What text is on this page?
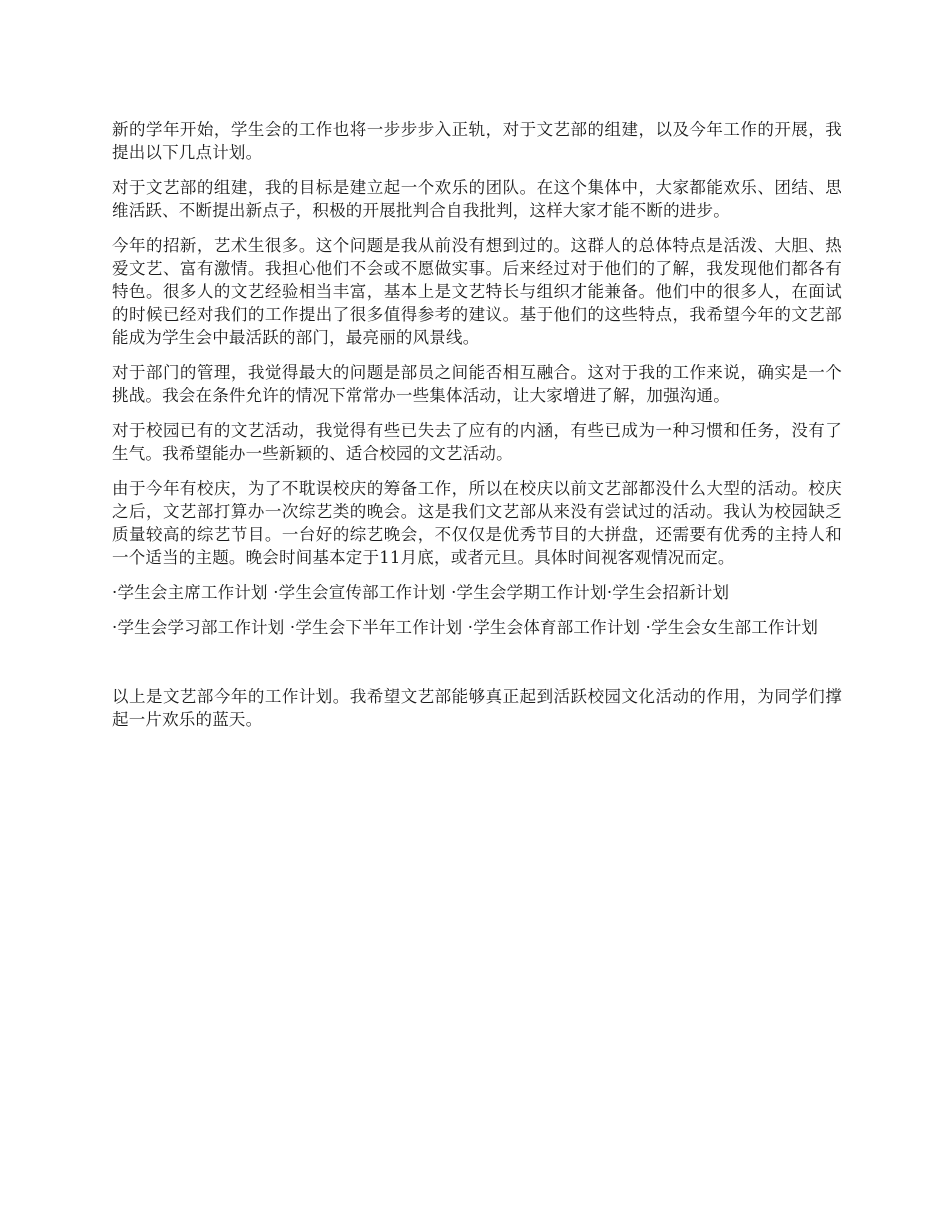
新的学年开始，学生会的工作也将一步步步入正轨，对于文艺部的组建，以及今年工作的开展，我提出以下几点计划。

对于文艺部的组建，我的目标是建立起一个欢乐的团队。在这个集体中，大家都能欢乐、团结、思维活跃、不断提出新点子，积极的开展批判合自我批判，这样大家才能不断的进步。

今年的招新，艺术生很多。这个问题是我从前没有想到过的。这群人的总体特点是活泼、大胆、热爱文艺、富有激情。我担心他们不会或不愿做实事。后来经过对于他们的了解，我发现他们都各有特色。很多人的文艺经验相当丰富，基本上是文艺特长与组织才能兼备。他们中的很多人，在面试的时候已经对我们的工作提出了很多值得参考的建议。基于他们的这些特点，我希望今年的文艺部能成为学生会中最活跃的部门，最亮丽的风景线。

对于部门的管理，我觉得最大的问题是部员之间能否相互融合。这对于我的工作来说，确实是一个挑战。我会在条件允许的情况下常常办一些集体活动，让大家增进了解，加强沟通。

对于校园已有的文艺活动，我觉得有些已失去了应有的内涵，有些已成为一种习惯和任务，没有了生气。我希望能办一些新颖的、适合校园的文艺活动。

由于今年有校庆，为了不耽误校庆的筹备工作，所以在校庆以前文艺部都没什么大型的活动。校庆之后，文艺部打算办一次综艺类的晚会。这是我们文艺部从来没有尝试过的活动。我认为校园缺乏质量较高的综艺节目。一台好的综艺晚会，不仅仅是优秀节目的大拼盘，还需要有优秀的主持人和一个适当的主题。晚会时间基本定于11月底，或者元旦。具体时间视客观情况而定。

·学生会主席工作计划 ·学生会宣传部工作计划 ·学生会学期工作计划·学生会招新计划

·学生会学习部工作计划 ·学生会下半年工作计划 ·学生会体育部工作计划 ·学生会女生部工作计划

以上是文艺部今年的工作计划。我希望文艺部能够真正起到活跃校园文化活动的作用，为同学们撑起一片欢乐的蓝天。
